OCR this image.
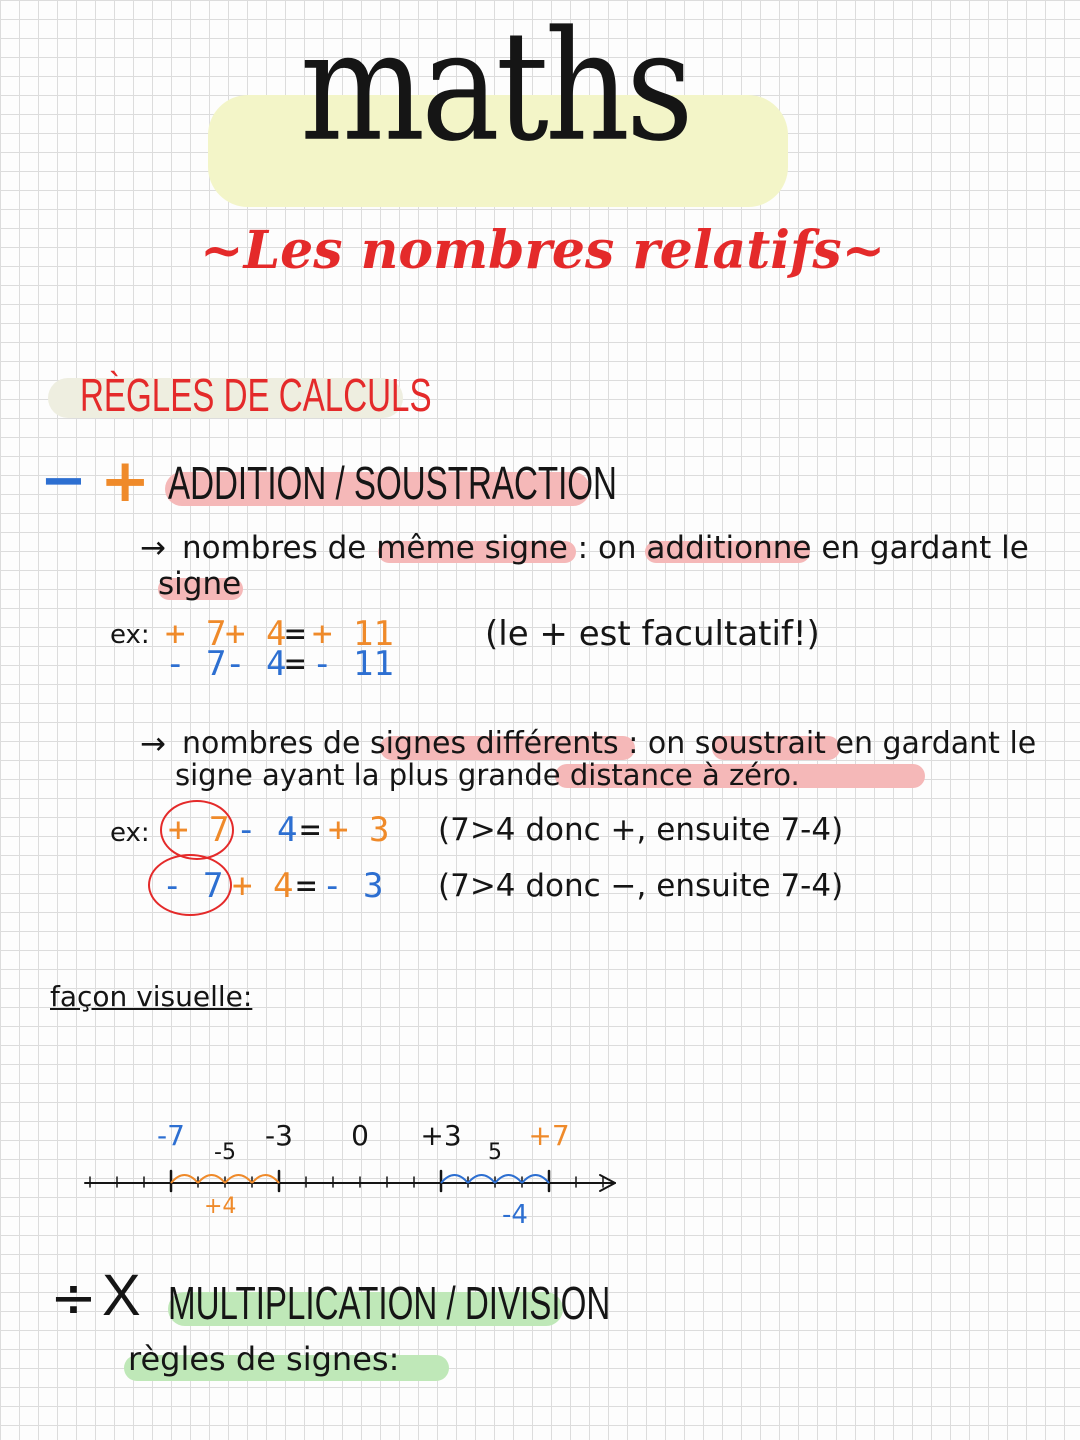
maths
~Les nombres relatifs~
RÈGLES DE CALCULS
− + ADDITION / SOUSTRACTION
→ nombres de même signe : on additionne en gardant le
signe
ex: + 7
+ 4
= + 11
- 7
- 4
= - 11
(le + est facultatif!)
→ nombres de signes différents : on soustrait en gardant le
signe ayant la plus grande distance à zéro.
ex: + 7 - 4 = + 3 (7>4 donc +, ensuite 7-4)
- 7 + 4 = - 3 (7>4 donc −, ensuite 7-4)
façon visuelle:
-7
-5
-3 0 +3
5
+7
+4	-4
÷ X MULTIPLICATION / DIVISION
règles de signes:
